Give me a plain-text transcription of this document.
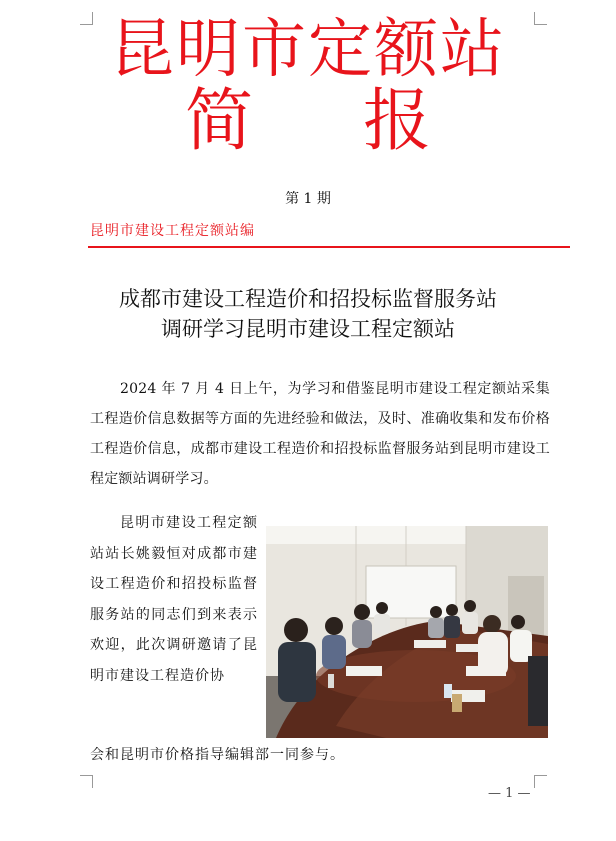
昆明市定额站
简报
第 1 期
昆明市建设工程定额站编
成都市建设工程造价和招投标监督服务站
调研学习昆明市建设工程定额站

2024 年 7 月 4 日上午，为学习和借鉴昆明市建设工程定额站采集工程造价信息数据等方面的先进经验和做法，及时、准确收集和发布价格工程造价信息，成都市建设工程造价和招投标监督服务站到昆明市建设工程定额站调研学习。

昆明市建设工程定额站站长姚毅恒对成都市建设工程造价和招投标监督服务站的同志们到来表示欢迎，此次调研邀请了昆明市建设工程造价协

会和昆明市价格指导编辑部一同参与。

— 1 —
